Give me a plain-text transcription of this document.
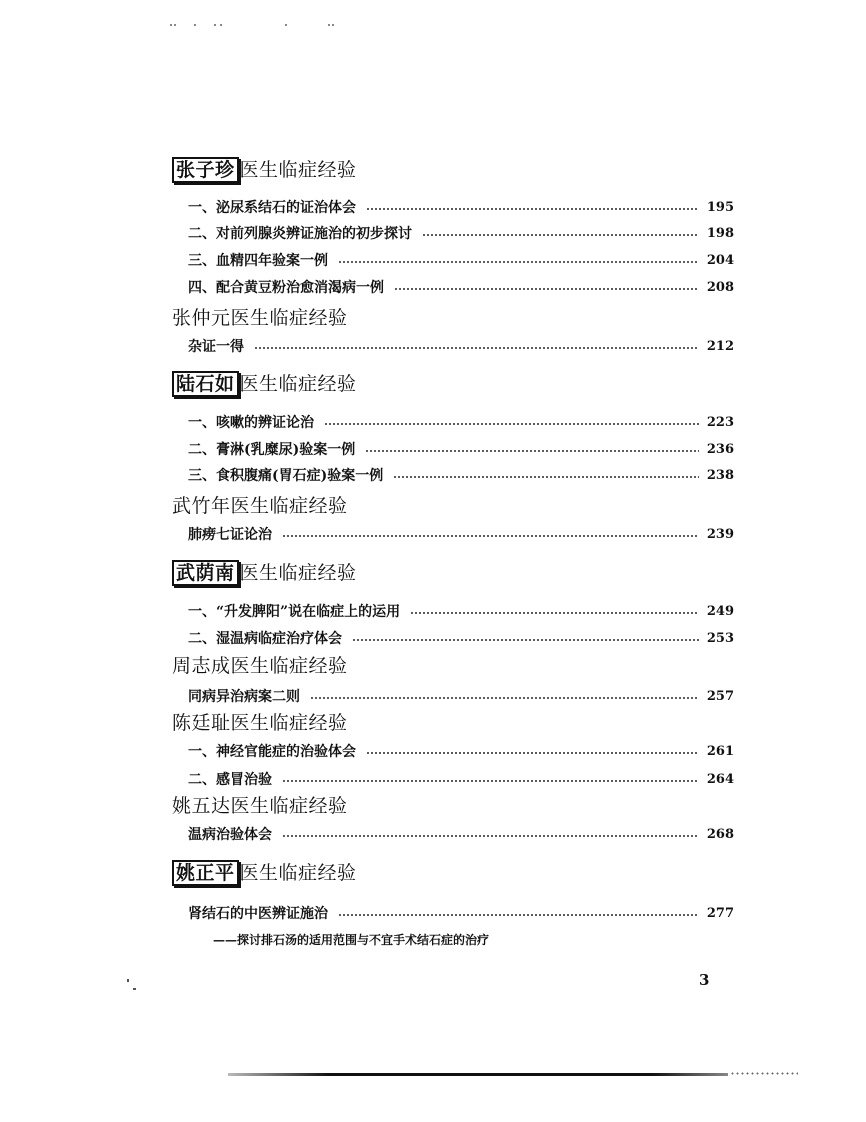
张子珍 医生临症经验
一、泌尿系结石的证治体会	195
二、对前列腺炎辨证施治的初步探讨	198
三、血精四年验案一例	204
四、配合黄豆粉治愈消渴病一例	208
张仲元医生临症经验
杂证一得	212
陆石如 医生临症经验
一、咳嗽的辨证论治	223
二、膏淋(乳糜尿)验案一例	236
三、食积腹痛(胃石症)验案一例	238
武竹年医生临症经验
肺痨七证论治	239
武荫南 医生临症经验
一、“升发脾阳”说在临症上的运用	249
二、湿温病临症治疗体会	253
周志成医生临症经验
同病异治病案二则	257
陈廷耻医生临症经验
一、神经官能症的治验体会	261
二、感冒治验	264
姚五达医生临症经验
温病治验体会	268
姚正平 医生临症经验
肾结石的中医辨证施治	277
——探讨排石汤的适用范围与不宜手术结石症的治疗
3
